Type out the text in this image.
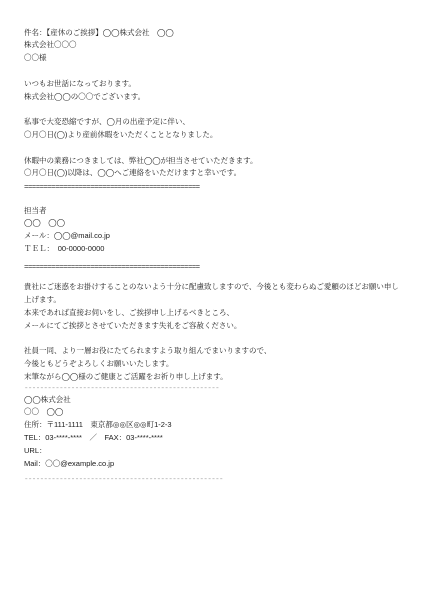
件名：【産休のご挨拶】◯◯株式会社　◯◯
株式会社〇〇〇
〇〇様
いつもお世話になっております。
株式会社◯◯の〇〇でございます。
私事で大変恐縮ですが、◯月の出産予定に伴い、
〇月〇日(◯)より産前休暇をいただくこととなりました。
休暇中の業務につきましては、弊社◯◯が担当させていただきます。
〇月〇日(◯)以降は、◯◯へご連絡をいただけますと幸いです。
=============================================
担当者
◯◯　◯◯
メール：◯◯@mail.co.jp
ＴＥＬ：　00-0000-0000
=============================================
貴社にご迷惑をお掛けすることのないよう十分に配慮致しますので、今後とも変わらぬご愛顧のほどお願い申し
上げます。
本来であれば直接お伺いをし、ご挨拶申し上げるべきところ、
メールにてご挨拶とさせていただきます失礼をご容赦ください。
社員一同、より一層お役にたてられますよう取り組んでまいりますので、
今後ともどうぞよろしくお願いいたします。
末筆ながら◯◯様のご健康とご活躍をお祈り申し上げます。
--------------------------------------------------
◯◯株式会社
〇〇　◯◯
住所：〒111-1111　東京都◎◎区◎◎町1-2-3
TEL：03-****-****　／　FAX：03-****-****
URL：
Mail：〇〇@example.co.jp
---------------------------------------------------
